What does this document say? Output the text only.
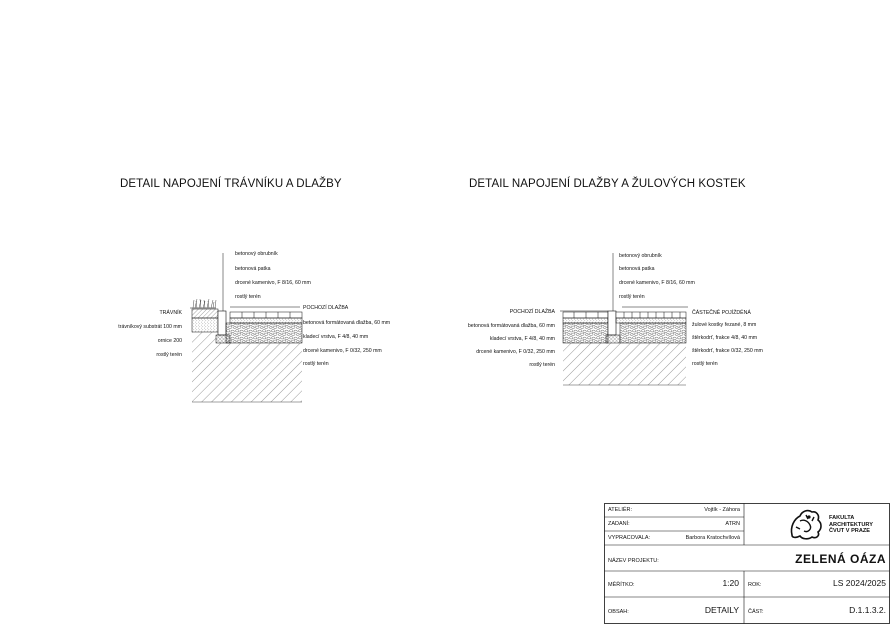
DETAIL NAPOJENÍ TRÁVNÍKU A DLAŽBY
betonový obrubník
betonová patka
drcené kamenivo, F 8/16, 60 mm
rostlý terén
TRÁVNÍK
trávníkový substrát 100 mm
ornice 200
rostlý terén
POCHOZÍ DLAŽBA
betonová formátovaná dlažba, 60 mm
kladecí vrstva, F 4/8, 40 mm
drcené kamenivo, F 0/32, 250 mm
rostlý terén
DETAIL NAPOJENÍ DLAŽBY A ŽULOVÝCH KOSTEK
betonový obrubník
betonová patka
drcené kamenivo, F 8/16, 60 mm
rostlý terén
POCHOZÍ DLAŽBA
betonová formátovaná dlažba, 60 mm
kladecí vrstva, F 4/8, 40 mm
drcené kamenivo, F 0/32, 250 mm
rostlý terén
ČÁSTEČNĚ POJÍŽDĚNÁ
žulové kostky řezané, 8 mm
štěrkodrť, frakce 4/8, 40 mm
štěrkodrť, frakce 0/32, 250 mm
rostlý terén
ATELIÉR:	Vojtík - Záhora
ZADANÍ:	ATRN
VYPRACOVALA:	Barbora Kratochvílová
FAKULTA
ARCHITEKTURY
ČVUT V PRAZE
NÁZEV PROJEKTU:	ZELENÁ OÁZA
MĚŘÍTKO:	1:20 ROK:	LS 2024/2025
OBSAH:	DETAILY ČÁST:	D.1.1.3.2.
